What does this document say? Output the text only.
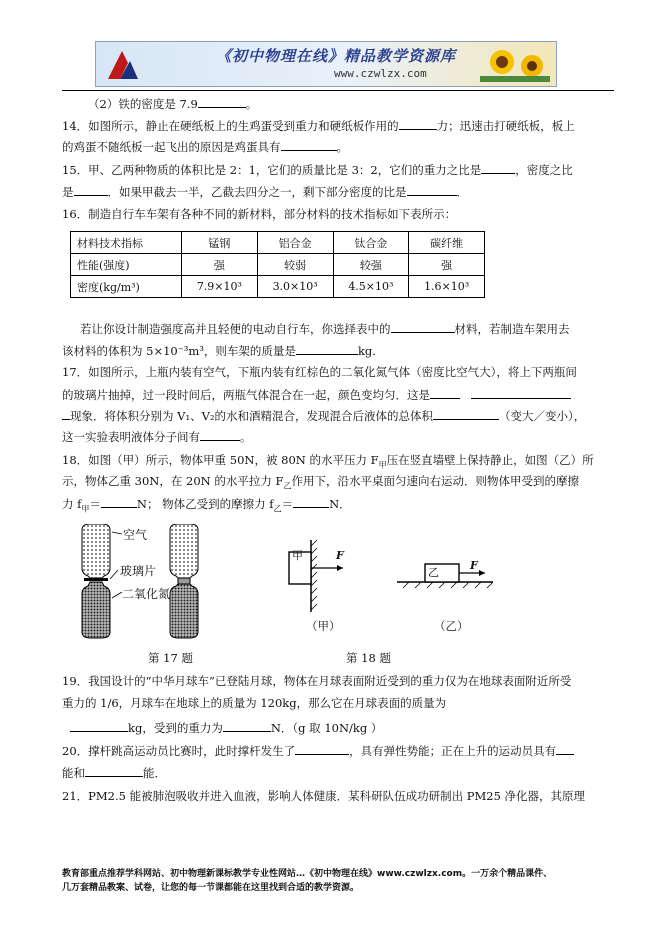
《初中物理在线》精品教学资源库
www.czwlzx.com
（2）铁的密度是 7.9	。
14．如图所示，静止在硬纸板上的生鸡蛋受到重力和硬纸板作用的	力；迅速击打硬纸板，板上
的鸡蛋不随纸板一起飞出的原因是鸡蛋具有	。
15．甲、乙两种物质的体积比是 2：1，它们的质量比是 3：2，它们的重力之比是	，密度之比
是	．如果甲截去一半，乙截去四分之一，剩下部分密度的比是	．
16．制造自行车车架有各种不同的新材料，部分材料的技术指标如下表所示：
材料技术指标	锰钢	铝合金	钛合金	碳纤维
性能(强度)	强	较弱	较强	强
密度(kg/m³)	7.9×10³	3.0×10³	4.5×10³	1.6×10³
若让你设计制造强度高并且轻便的电动自行车，你选择表中的	材料，若制造车架用去
该材料的体积为 5×10⁻³m³，则车架的质量是	kg.
17．如图所示，上瓶内装有空气，下瓶内装有红棕色的二氧化氮气体（密度比空气大），将上下两瓶间
的玻璃片抽掉，过一段时间后，两瓶气体混合在一起，颜色变均匀．这是
现象．将体积分别为 V₁、V₂的水和酒精混合，发现混合后液体的总体积	（变大／变小），
这一实验表明液体分子间有	。
18．如图（甲）所示，物体甲重 50N，被 80N 的水平压力 $F_甲$压在竖直墙壁上保持静止，如图（乙）所
示，物体乙重 30N，在 20N 的水平拉力 $F_乙$作用下，沿水平桌面匀速向右运动．则物体甲受到的摩擦
力 $f_甲=$	N； 物体乙受到的摩擦力 $f_乙=$	N．
空气
玻璃片
二氧化氮
甲	F
（甲）
乙
F
（乙）
第 17 题	第 18 题
19．我国设计的“中华月球车”已登陆月球，物体在月球表面附近受到的重力仅为在地球表面附近所受
重力的 1/6，月球车在地球上的质量为 120kg，那么它在月球表面的质量为
kg，受到的重力为	N．（g 取 10N/kg ）
20．撑杆跳高运动员比赛时，此时撑杆发生了	，具有弹性势能；正在上升的运动员具有
能和	能．
21．PM2.5 能被肺泡吸收并进入血液，影响人体健康．某科研队伍成功研制出 PM25 净化器，其原理
教育部重点推荐学科网站、初中物理新课标教学专业性网站…《初中物理在线》www.czwlzx.com。一万余个精品课件、
几万套精品教案、试卷，让您的每一节课都能在这里找到合适的教学资源。
